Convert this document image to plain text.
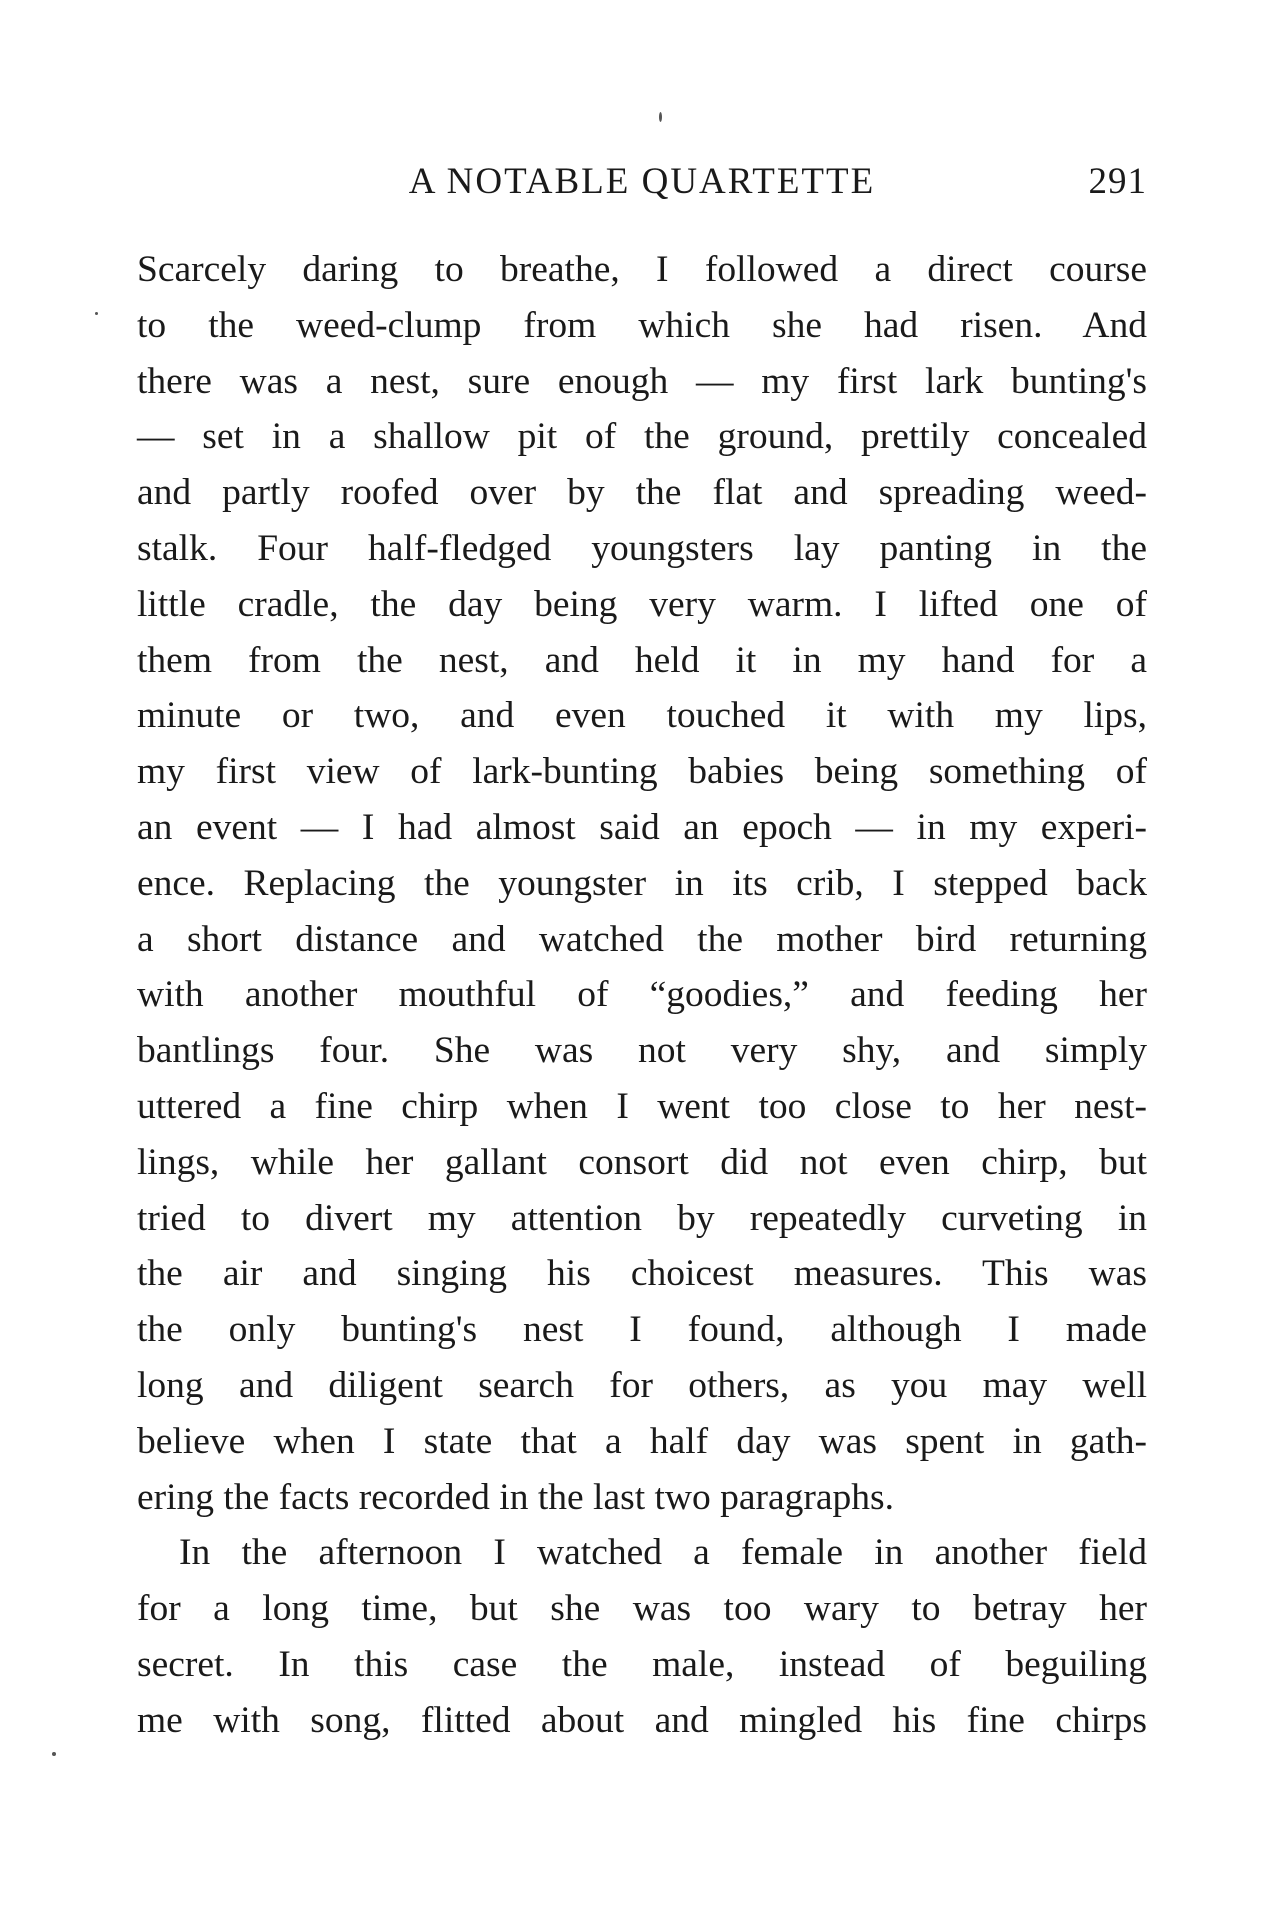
A NOTABLE QUARTETTE	291
Scarcely daring to breathe, I followed a direct course
to the weed-clump from which she had risen. And
there was a nest, sure enough — my first lark bunting's
— set in a shallow pit of the ground, prettily concealed
and partly roofed over by the flat and spreading weed-
stalk. Four half-fledged youngsters lay panting in the
little cradle, the day being very warm. I lifted one of
them from the nest, and held it in my hand for a
minute or two, and even touched it with my lips,
my first view of lark-bunting babies being something of
an event — I had almost said an epoch — in my experi-
ence. Replacing the youngster in its crib, I stepped back
a short distance and watched the mother bird returning
with another mouthful of “goodies,” and feeding her
bantlings four. She was not very shy, and simply
uttered a fine chirp when I went too close to her nest-
lings, while her gallant consort did not even chirp, but
tried to divert my attention by repeatedly curveting in
the air and singing his choicest measures. This was
the only bunting's nest I found, although I made
long and diligent search for others, as you may well
believe when I state that a half day was spent in gath-
ering the facts recorded in the last two paragraphs.
In the afternoon I watched a female in another field
for a long time, but she was too wary to betray her
secret. In this case the male, instead of beguiling
me with song, flitted about and mingled his fine chirps
